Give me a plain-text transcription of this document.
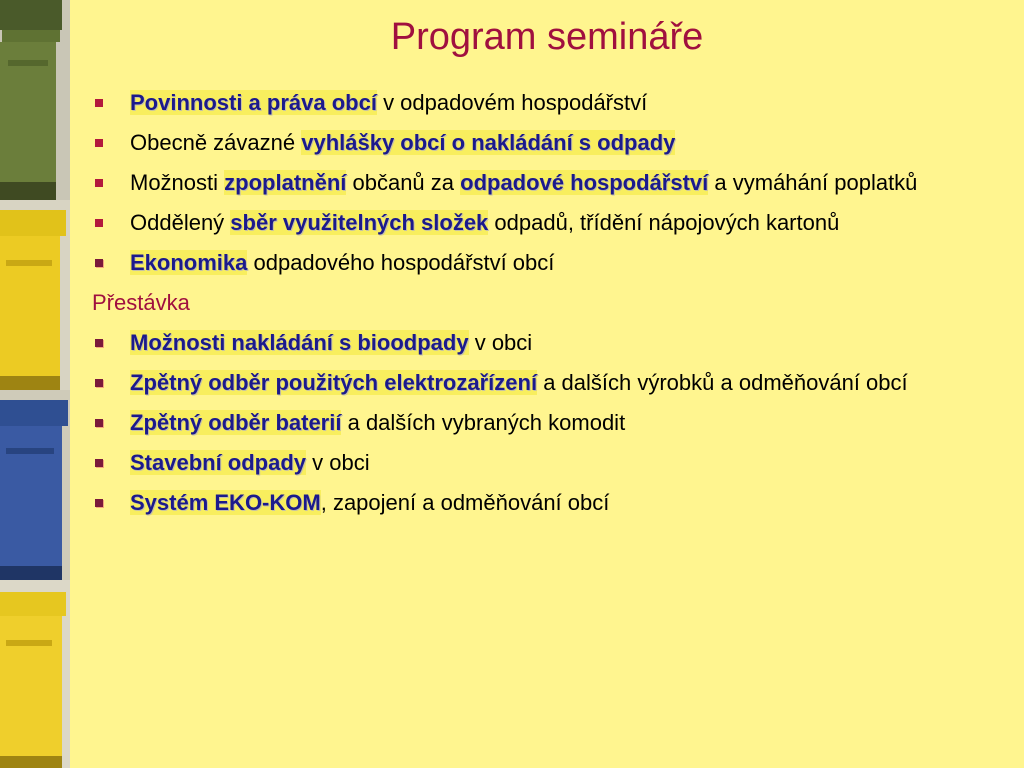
Program semináře
Povinnosti a práva obcí v odpadovém hospodářství
Obecně závazné vyhlášky obcí o nakládání s odpady
Možnosti zpoplatnění občanů za odpadové hospodářství a vymáhání poplatků
Oddělený sběr využitelných složek odpadů, třídění nápojových kartonů
Ekonomika odpadového hospodářství obcí
Přestávka
Možnosti nakládání s bioodpady v obci
Zpětný odběr použitých elektrozařízení a dalších výrobků a odměňování obcí
Zpětný odběr baterií a dalších vybraných komodit
Stavební odpady v obci
Systém EKO-KOM, zapojení a odměňování obcí
